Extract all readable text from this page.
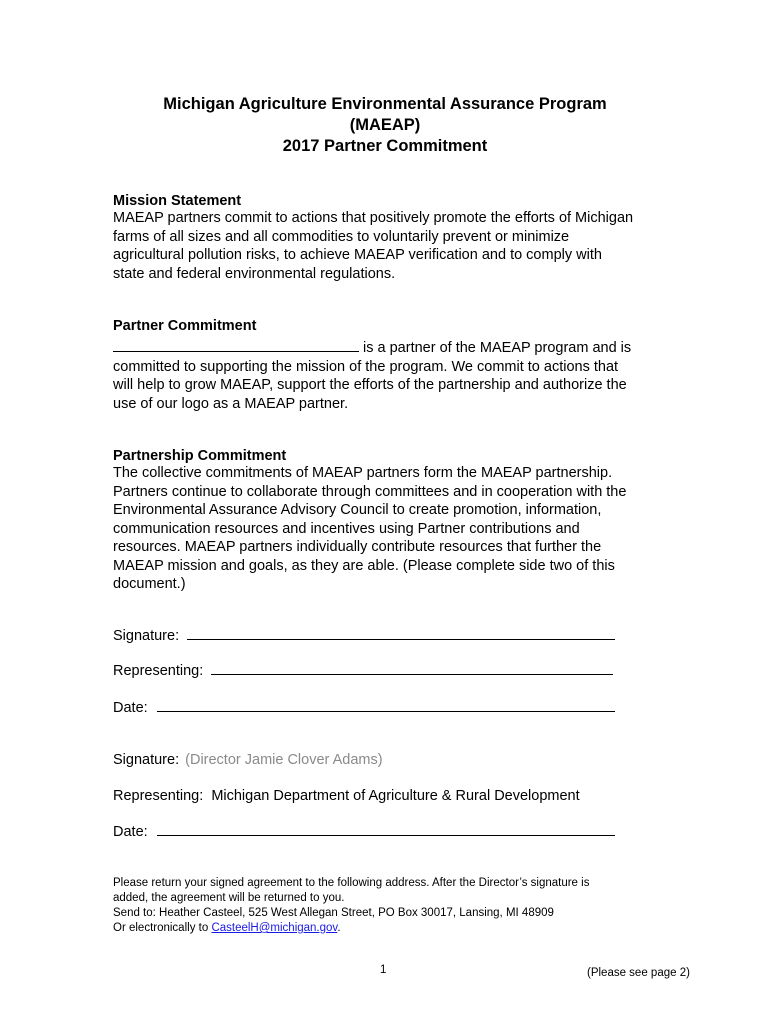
Michigan Agriculture Environmental Assurance Program
(MAEAP)
2017 Partner Commitment
Mission Statement
MAEAP partners commit to actions that positively promote the efforts of Michigan
farms of all sizes and all commodities to voluntarily prevent or minimize
agricultural pollution risks, to achieve MAEAP verification and to comply with
state and federal environmental regulations.
Partner Commitment
is a partner of the MAEAP program and is
committed to supporting the mission of the program. We commit to actions that
will help to grow MAEAP, support the efforts of the partnership and authorize the
use of our logo as a MAEAP partner.
Partnership Commitment
The collective commitments of MAEAP partners form the MAEAP partnership.
Partners continue to collaborate through committees and in cooperation with the
Environmental Assurance Advisory Council to create promotion, information,
communication resources and incentives using Partner contributions and
resources. MAEAP partners individually contribute resources that further the
MAEAP mission and goals, as they are able. (Please complete side two of this
document.)
Signature:
Representing:
Date:
Signature: (Director Jamie Clover Adams)
Representing: Michigan Department of Agriculture & Rural Development
Date:
Please return your signed agreement to the following address. After the Director’s signature is
added, the agreement will be returned to you.
Send to: Heather Casteel, 525 West Allegan Street, PO Box 30017, Lansing, MI 48909
Or electronically to CasteelH@michigan.gov.
1	(Please see page 2)
